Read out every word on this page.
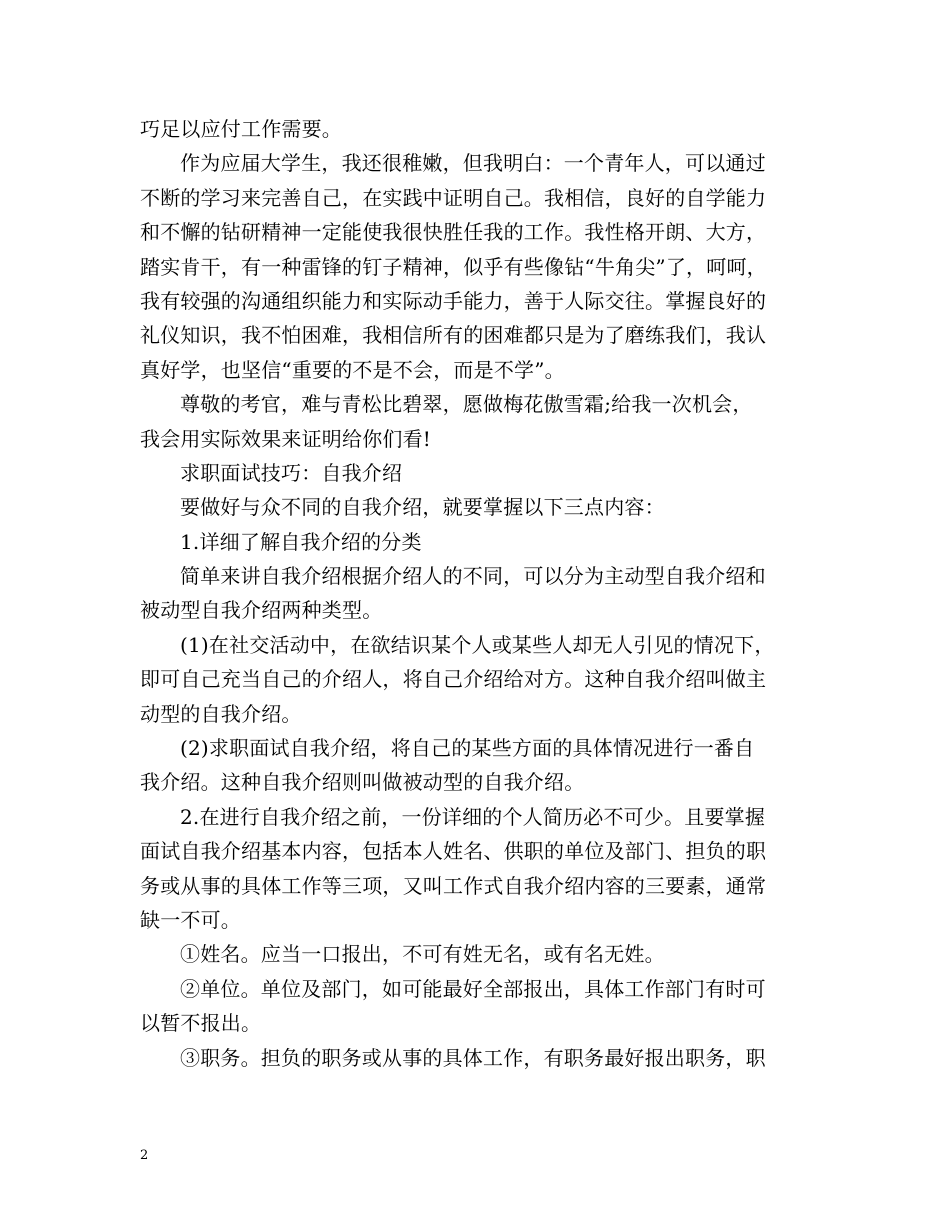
巧足以应付工作需要。
作为应届大学生，我还很稚嫩，但我明白：一个青年人，可以通过
不断的学习来完善自己，在实践中证明自己。我相信，良好的自学能力
和不懈的钻研精神一定能使我很快胜任我的工作。我性格开朗、大方，
踏实肯干，有一种雷锋的钉子精神，似乎有些像钻“牛角尖”了，呵呵，
我有较强的沟通组织能力和实际动手能力，善于人际交往。掌握良好的
礼仪知识，我不怕困难，我相信所有的困难都只是为了磨练我们，我认
真好学，也坚信“重要的不是不会，而是不学”。
尊敬的考官，难与青松比碧翠，愿做梅花傲雪霜;给我一次机会，
我会用实际效果来证明给你们看!
求职面试技巧：自我介绍
要做好与众不同的自我介绍，就要掌握以下三点内容：
1.详细了解自我介绍的分类
简单来讲自我介绍根据介绍人的不同，可以分为主动型自我介绍和
被动型自我介绍两种类型。
(1)在社交活动中，在欲结识某个人或某些人却无人引见的情况下，
即可自己充当自己的介绍人，将自己介绍给对方。这种自我介绍叫做主
动型的自我介绍。
(2)求职面试自我介绍，将自己的某些方面的具体情况进行一番自
我介绍。这种自我介绍则叫做被动型的自我介绍。
2.在进行自我介绍之前，一份详细的个人简历必不可少。且要掌握
面试自我介绍基本内容，包括本人姓名、供职的单位及部门、担负的职
务或从事的具体工作等三项，又叫工作式自我介绍内容的三要素，通常
缺一不可。
①姓名。应当一口报出，不可有姓无名，或有名无姓。
②单位。单位及部门，如可能最好全部报出，具体工作部门有时可
以暂不报出。
③职务。担负的职务或从事的具体工作，有职务最好报出职务，职
2
